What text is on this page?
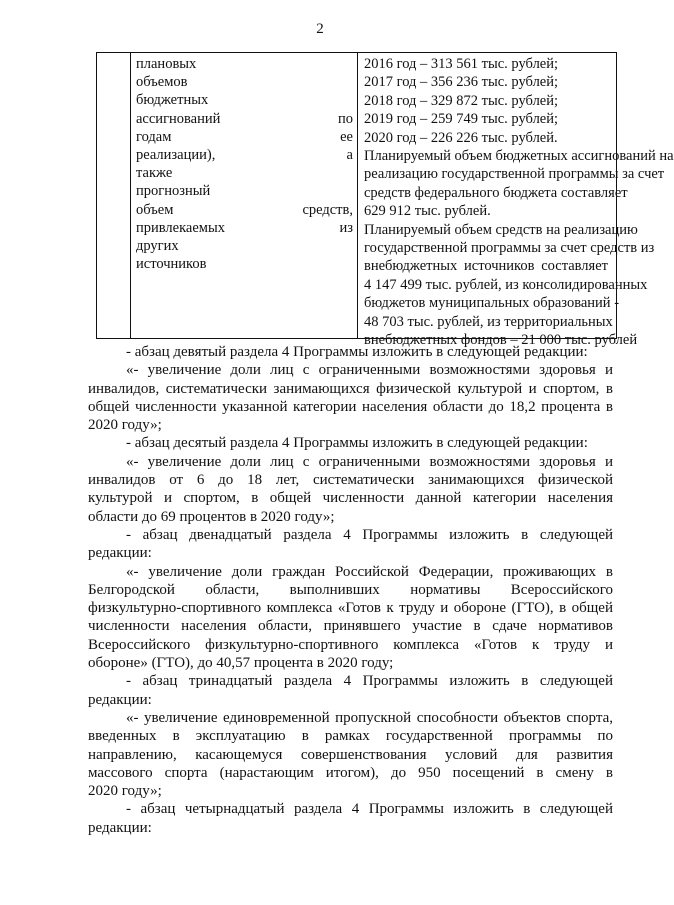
2
плановых
объемов
бюджетных
ассигнований по
годам ее
реализации), а
также
прогнозный
объем средств,
привлекаемых из
других
источников
2016 год – 313 561 тыс. рублей;
2017 год – 356 236 тыс. рублей;
2018 год – 329 872 тыс. рублей;
2019 год – 259 749 тыс. рублей;
2020 год – 226 226 тыс. рублей.
Планируемый объем бюджетных ассигнований на
реализацию государственной программы за счет
средств федерального бюджета составляет
629 912 тыс. рублей.
Планируемый объем средств на реализацию
государственной программы за счет средств из
внебюджетных источников составляет
4 147 499 тыс. рублей, из консолидированных
бюджетов муниципальных образований -
48 703 тыс. рублей, из территориальных
внебюджетных фондов – 21 000 тыс. рублей
- абзац девятый раздела 4 Программы изложить в следующей редакции:
«- увеличение доли лиц с ограниченными возможностями здоровья и
инвалидов, систематически занимающихся физической культурой и спортом, в
общей численности указанной категории населения области до 18,2 процента в
2020 году»;
- абзац десятый раздела 4 Программы изложить в следующей редакции:
«- увеличение доли лиц с ограниченными возможностями здоровья и
инвалидов от 6 до 18 лет, систематически занимающихся физической
культурой и спортом, в общей численности данной категории населения
области до 69 процентов в 2020 году»;
- абзац двенадцатый раздела 4 Программы изложить в следующей
редакции:
«- увеличение доли граждан Российской Федерации, проживающих в
Белгородской области, выполнивших нормативы Всероссийского
физкультурно-спортивного комплекса «Готов к труду и обороне (ГТО), в общей
численности населения области, принявшего участие в сдаче нормативов
Всероссийского физкультурно-спортивного комплекса «Готов к труду и
обороне» (ГТО), до 40,57 процента в 2020 году;
- абзац тринадцатый раздела 4 Программы изложить в следующей
редакции:
«- увеличение единовременной пропускной способности объектов спорта,
введенных в эксплуатацию в рамках государственной программы по
направлению, касающемуся совершенствования условий для развития
массового спорта (нарастающим итогом), до 950 посещений в смену в
2020 году»;
- абзац четырнадцатый раздела 4 Программы изложить в следующей
редакции:
